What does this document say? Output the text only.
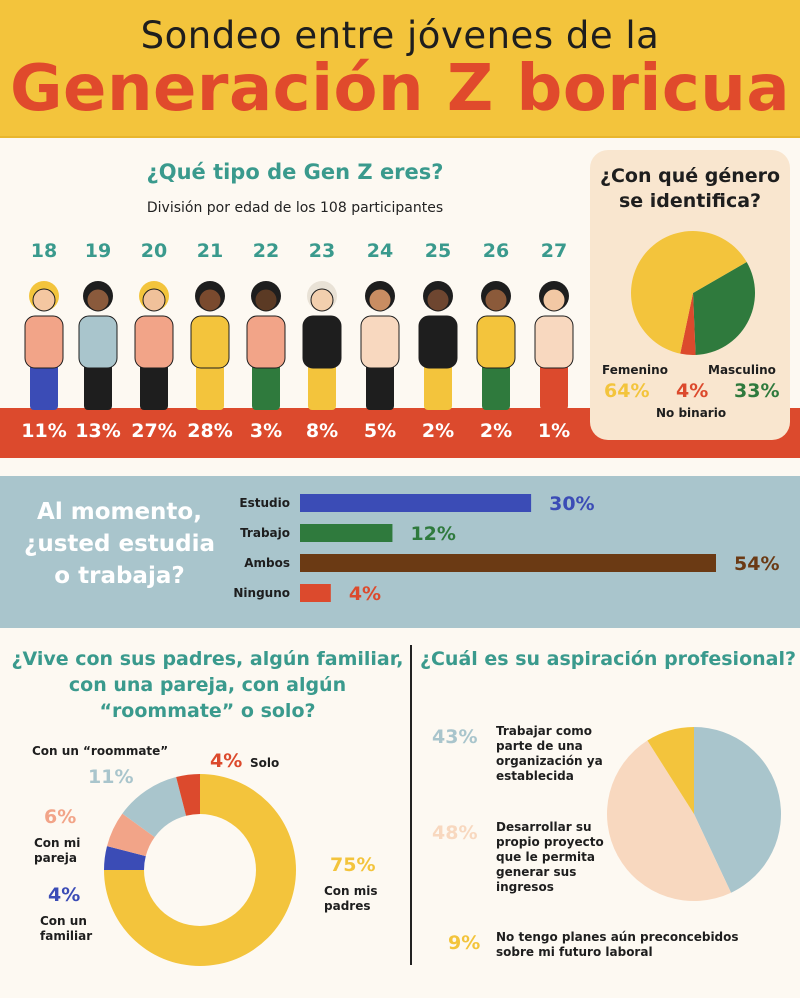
Sondeo entre jóvenes de la
Generación Z boricua
¿Qué tipo de Gen Z eres?
División por edad de los 108 participantes
18	19	20	21	22	23	24	25	26	27
11% 13% 27% 28% 3%	8%	5%	2%	2%	1%
¿Con qué género se identifica?
Femenino	Masculino
64% 4% 33%
No binario
Al momento, ¿usted estudia o trabaja?
Estudio	30%
Trabajo	12%
Ambos	54%
Ninguno	4%
¿Vive con sus padres, algún familiar, con una pareja, con algún “roommate” o solo?
Con un “roommate”
11%
4% Solo
6%
Con mi pareja
4%
Con un familiar
75%
Con mis padres
¿Cuál es su aspiración profesional?
43% Trabajar como parte de una organización ya establecida
48% Desarrollar su propio proyecto que le permita generar sus ingresos
9% No tengo planes aún preconcebidos sobre mi futuro laboral
